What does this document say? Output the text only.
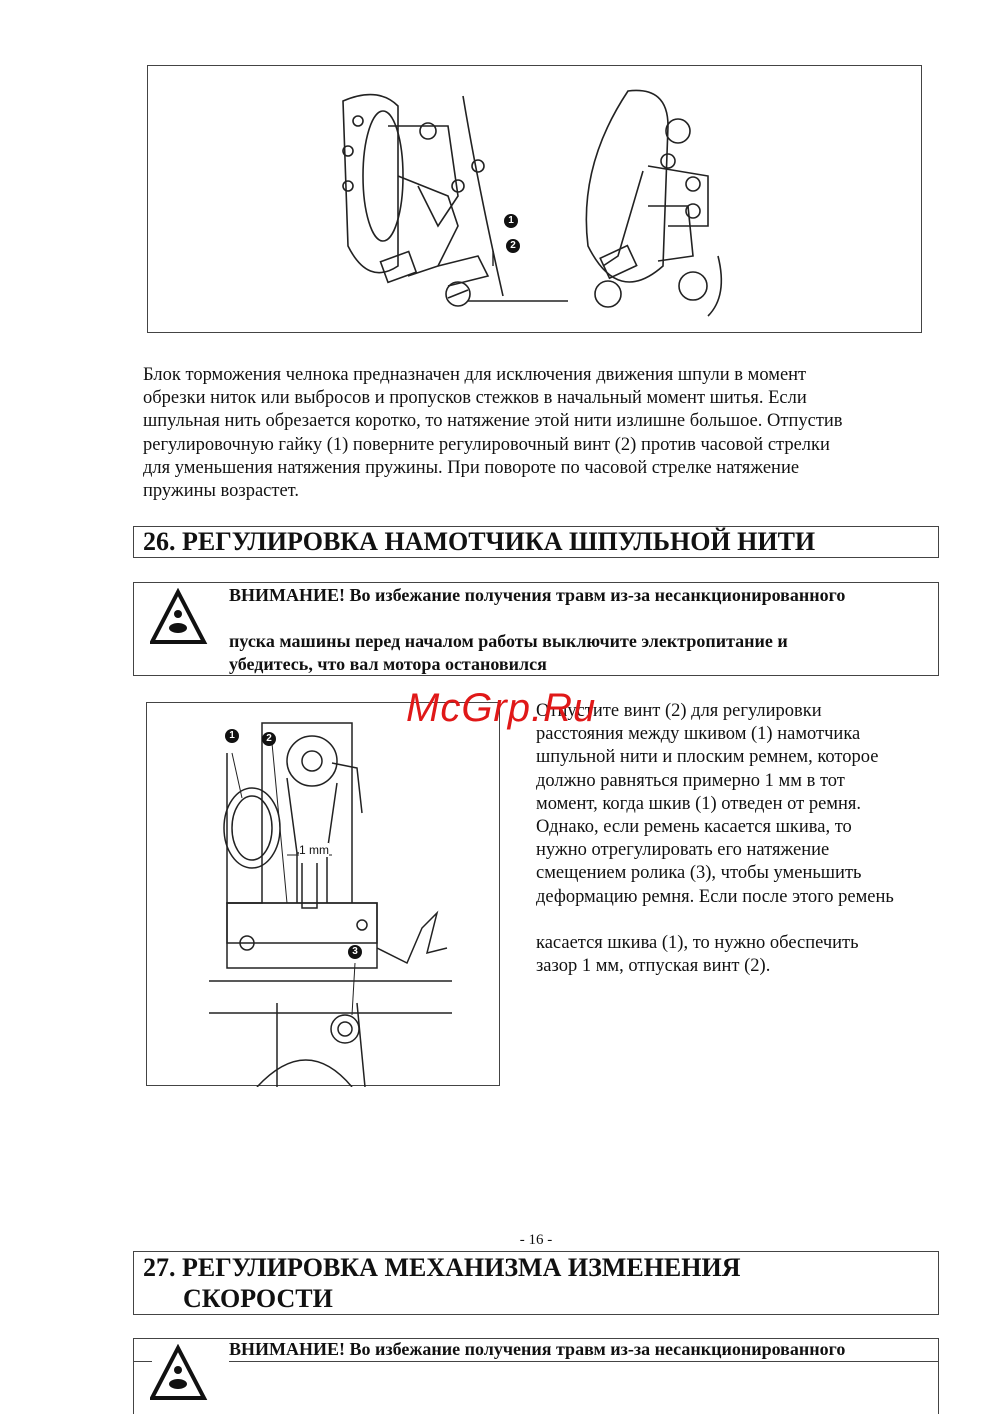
1
2
Блок торможения челнока предназначен для исключения движения шпули в момент
обрезки ниток или выбросов и пропусков стежков в начальный момент шитья. Если
шпульная нить обрезается коротко, то натяжение этой нити излишне большое. Отпустив
регулировочную гайку (1) поверните регулировочный винт (2) против часовой стрелки
для уменьшения натяжения пружины. При повороте по часовой стрелке натяжение
пружины возрастет.
26. РЕГУЛИРОВКА НАМОТЧИКА ШПУЛЬНОЙ НИТИ
ВНИМАНИЕ! Во избежание получения травм из-за несанкционированного
пуска машины перед началом работы выключите электропитание и
убедитесь, что вал мотора остановился
1	2
3
1 mm
Отпустите винт (2) для регулировки
расстояния между шкивом (1) намотчика
шпульной нити и плоским ремнем, которое
должно равняться примерно 1 мм в тот
момент, когда шкив (1) отведен от ремня.
Однако, если ремень касается шкива, то
нужно отрегулировать его натяжение
смещением ролика (3), чтобы уменьшить
деформацию ремня. Если после этого ремень
касается шкива (1), то нужно обеспечить
зазор 1 мм, отпуская винт (2).
McGrp.Ru
- 16 -
27. РЕГУЛИРОВКА МЕХАНИЗМА ИЗМЕНЕНИЯ
СКОРОСТИ
ВНИМАНИЕ! Во избежание получения травм из-за несанкционированного
